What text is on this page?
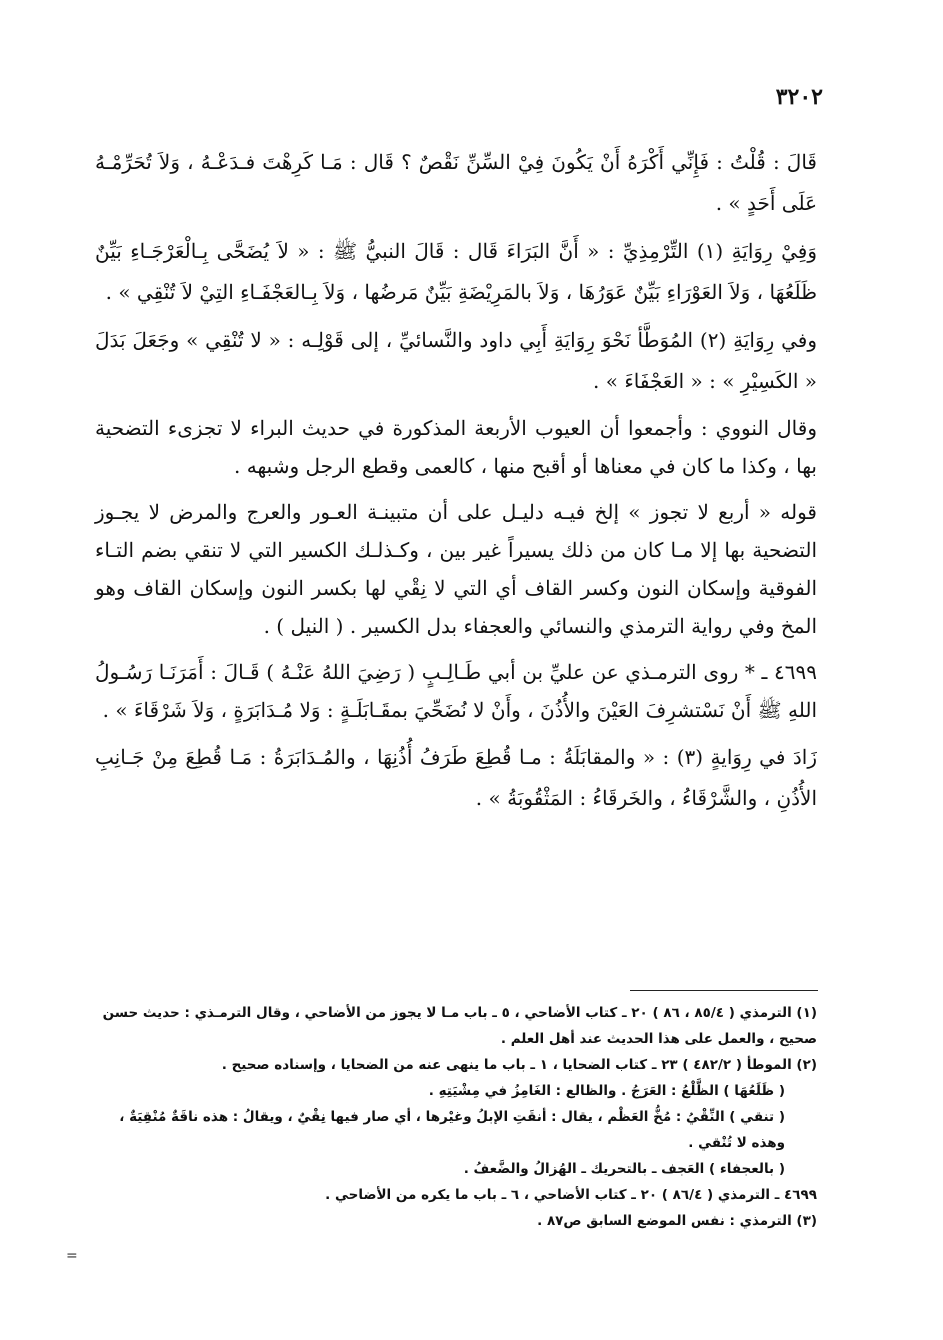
٣٢٠٢

قَالَ : قُلْتُ : فَإِنِّي أَكْرَهُ أَنْ يَكُونَ فِيْ السِّنِّ نَقْصٌ ؟ قَال : مَـا كَرِهْتَ فـدَعْـهُ ، وَلاَ تُحَرِّمْـهُ عَلَى أَحَدٍ » .

وَفِيْ رِوَايَةِ (١) التِّرْمِذِيِّ : « أَنَّ البَرَاءَ قَال : قَالَ النبيُّ ﷺ : « لاَ يُضَحَّى بِـالْعَرْجَـاءِ بَيِّنٌ ظَلَعُهَا ، وَلاَ العَوْرَاءِ بَيِّنٌ عَوَرُهَا ، وَلاَ بالمَرِيْضَةِ بَيِّنٌ مَرضُها ، وَلاَ بِـالعَجْفَـاءِ التِيْ لاَ تُنْقِي » .

وفي رِوَايَةِ (٢) المُوَطَّأ نَحْوَ رِوَايَةِ أَبِي داود والنَّسائيِّ ، إلى قَوْلِـه : « لا تُنْقِي » وجَعَلَ بَدَلَ « الكَسِيْرِ » : « العَجْفَاءَ » .

وقال النووي : وأجمعوا أن العيوب الأربعة المذكورة في حديث البراء لا تجزىء التضحية بها ، وكذا ما كان في معناها أو أقبح منها ، كالعمى وقطع الرجل وشبهه .

قوله « أربع لا تجوز » إلخ فيـه دليـل على أن متبينـة العـور والعرج والمرض لا يجـوز التضحية بها إلا مـا كان من ذلك يسيراً غير بين ، وكـذلـك الكسير التي لا تنقي بضم التـاء الفوقية وإسكان النون وكسر القاف أي التي لا نِقْي لها بكسر النون وإسكان القاف وهو المخ وفي رواية الترمذي والنسائي والعجفاء بدل الكسير . ( النيل ) .

٤٦٩٩ ـ * روى الترمـذي عن عليِّ بن أبي طَـالِـبٍ ( رَضِيَ اللهُ عَنْـهُ ) قَـالَ : أَمَرَنَـا رَسُـولُ اللهِ ﷺ أَنْ نَسْتشرِفَ العَيْنَ والأُذُنَ ، وأَنْ لا نُضَحِّيَ بمقَـابَلَـةٍ : وَلا مُـدَابَرَةٍ ، وَلاَ شَرْقَاءَ » .

زَادَ في رِوَايةٍ (٣) : « والمقابَلَةُ : مـا قُطِعَ طَرَفُ أُذُنِهَا ، والمُـدَابَرَةُ : مَـا قُطِعَ مِنْ جَـانِبِ الأُذُنِ ، والشَّرْقَاءُ ، والخَرقَاءُ : المَثْقُوبَةُ » .

(١) الترمذي ( ٨٥/٤ ، ٨٦ ) ٢٠ ـ كتاب الأضاحي ، ٥ ـ باب مـا لا يجوز من الأضاحي ، وقال الترمـذي : حديث حسن صحيح ، والعمل على هذا الحديث عند أهل العلم .

(٢) الموطأ ( ٤٨٢/٢ ) ٢٣ ـ كتاب الضحايا ، ١ ـ باب ما ينهى عنه من الضحايا ، وإسناده صحيح .

( ظَلَعُهَا ) الظَّلْعُ : العَرَجُ . والظالع : الغَامِزُ في مِشْيَتِهِ .

( تنقي ) النِّقْيُ : مُخُّ العَظْم ، يقال : أنقَتِ الإبلُ وغيْرها ، أي صار فيها نِقْيٌ ، ويقالُ : هذه ناقَةٌ مُنْقِيَةٌ ، وهذه لا تُنْقي .

( بالعجفاء ) العَجف ـ بالتحريك ـ الهُزالُ والضَّعفُ .

٤٦٩٩ ـ الترمذي ( ٨٦/٤ ) ٢٠ ـ كتاب الأضاحي ، ٦ ـ باب ما يكره من الأضاحي .

(٣) الترمذي : نفس الموضع السابق ص٨٧ .

=
